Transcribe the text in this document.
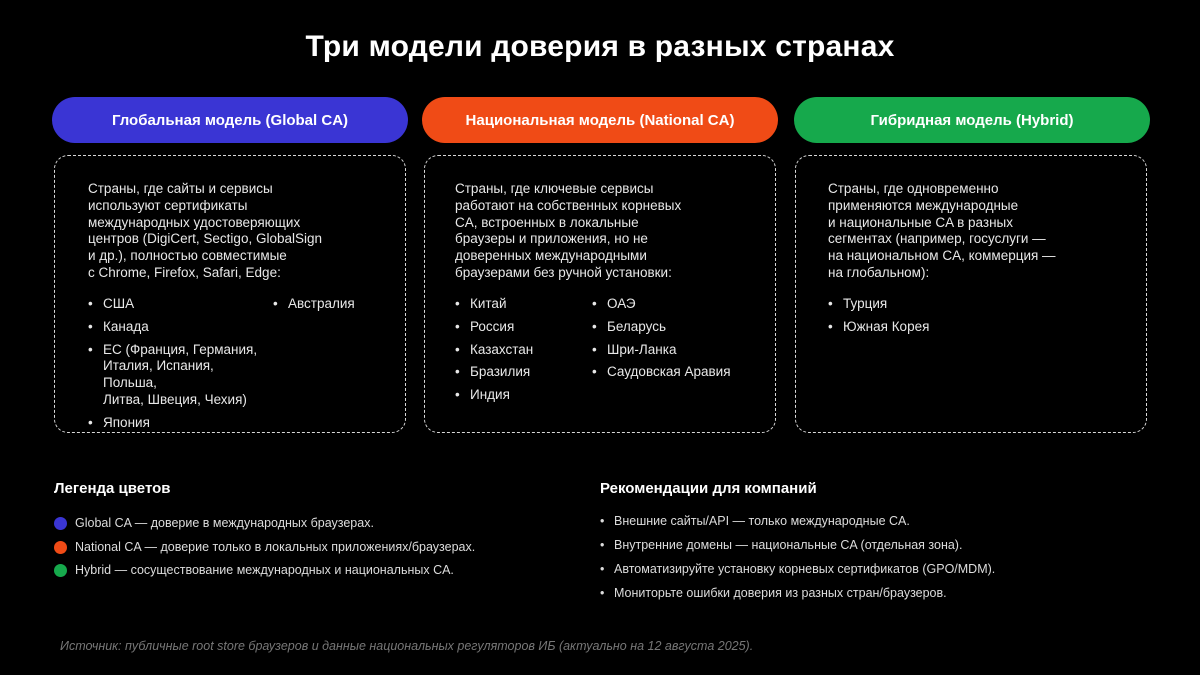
Три модели доверия в разных странах
Глобальная модель (Global CA)	Национальная модель (National CA)	Гибридная модель (Hybrid)
Страны, где сайты и сервисы
используют сертификаты
международных удостоверяющих
центров (DigiCert, Sectigo, GlobalSign
и др.), полностью совместимые
с Chrome, Firefox, Safari, Edge:
• США
• Канада
• ЕС (Франция, Германия,
Италия, Испания, Польша,
Литва, Швеция, Чехия)
• Япония
• Австралия
Страны, где ключевые сервисы
работают на собственных корневых
CA, встроенных в локальные
браузеры и приложения, но не
доверенных международными
браузерами без ручной установки:
• Китай
• Россия
• Казахстан
• Бразилия
• Индия
• ОАЭ
• Беларусь
• Шри-Ланка
• Саудовская Аравия
Страны, где одновременно
применяются международные
и национальные CA в разных
сегментах (например, госуслуги —
на национальном CA, коммерция —
на глобальном):
• Турция
• Южная Корея
Легенда цветов
Global CA — доверие в международных браузерах.
National CA — доверие только в локальных приложениях/браузерах.
Hybrid — сосуществование международных и национальных CA.
Рекомендации для компаний
• Внешние сайты/API — только международные CA.
• Внутренние домены — национальные CA (отдельная зона).
• Автоматизируйте установку корневых сертификатов (GPO/MDM).
• Мониторьте ошибки доверия из разных стран/браузеров.
Источник: публичные root store браузеров и данные национальных регуляторов ИБ (актуально на 12 августа 2025).
